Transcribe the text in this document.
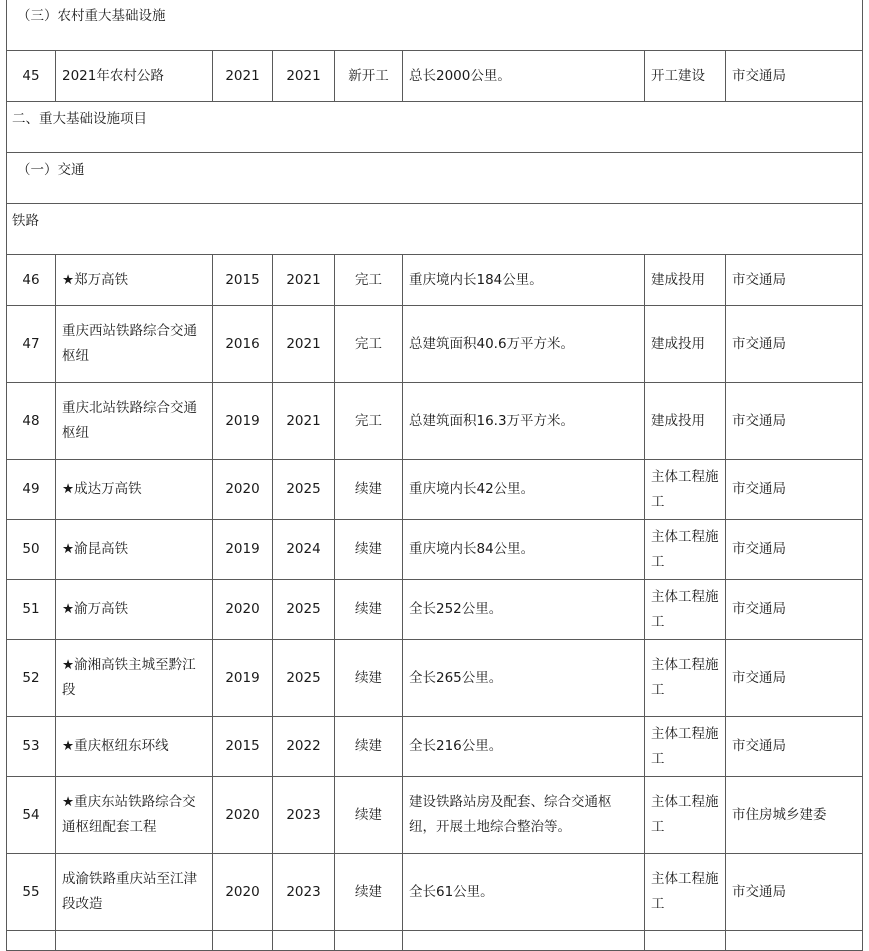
（三）农村重大基础设施							
45	2021年农村公路	2021	2021	新开工	总长2000公里。	开工建设	市交通局
二、重大基础设施项目							
（一）交通							
铁路							
46	★郑万高铁	2015	2021	完工	重庆境内长184公里。	建成投用	市交通局
47	重庆西站铁路综合交通枢纽	2016	2021	完工	总建筑面积40.6万平方米。	建成投用	市交通局
48	重庆北站铁路综合交通枢纽	2019	2021	完工	总建筑面积16.3万平方米。	建成投用	市交通局
49	★成达万高铁	2020	2025	续建	重庆境内长42公里。	主体工程施工	市交通局
50	★渝昆高铁	2019	2024	续建	重庆境内长84公里。	主体工程施工	市交通局
51	★渝万高铁	2020	2025	续建	全长252公里。	主体工程施工	市交通局
52	★渝湘高铁主城至黔江段	2019	2025	续建	全长265公里。	主体工程施工	市交通局
53	★重庆枢纽东环线	2015	2022	续建	全长216公里。	主体工程施工	市交通局
54	★重庆东站铁路综合交通枢纽配套工程	2020	2023	续建	建设铁路站房及配套、综合交通枢纽，开展土地综合整治等。	主体工程施工	市住房城乡建委
55	成渝铁路重庆站至江津段改造	2020	2023	续建	全长61公里。	主体工程施工	市交通局
